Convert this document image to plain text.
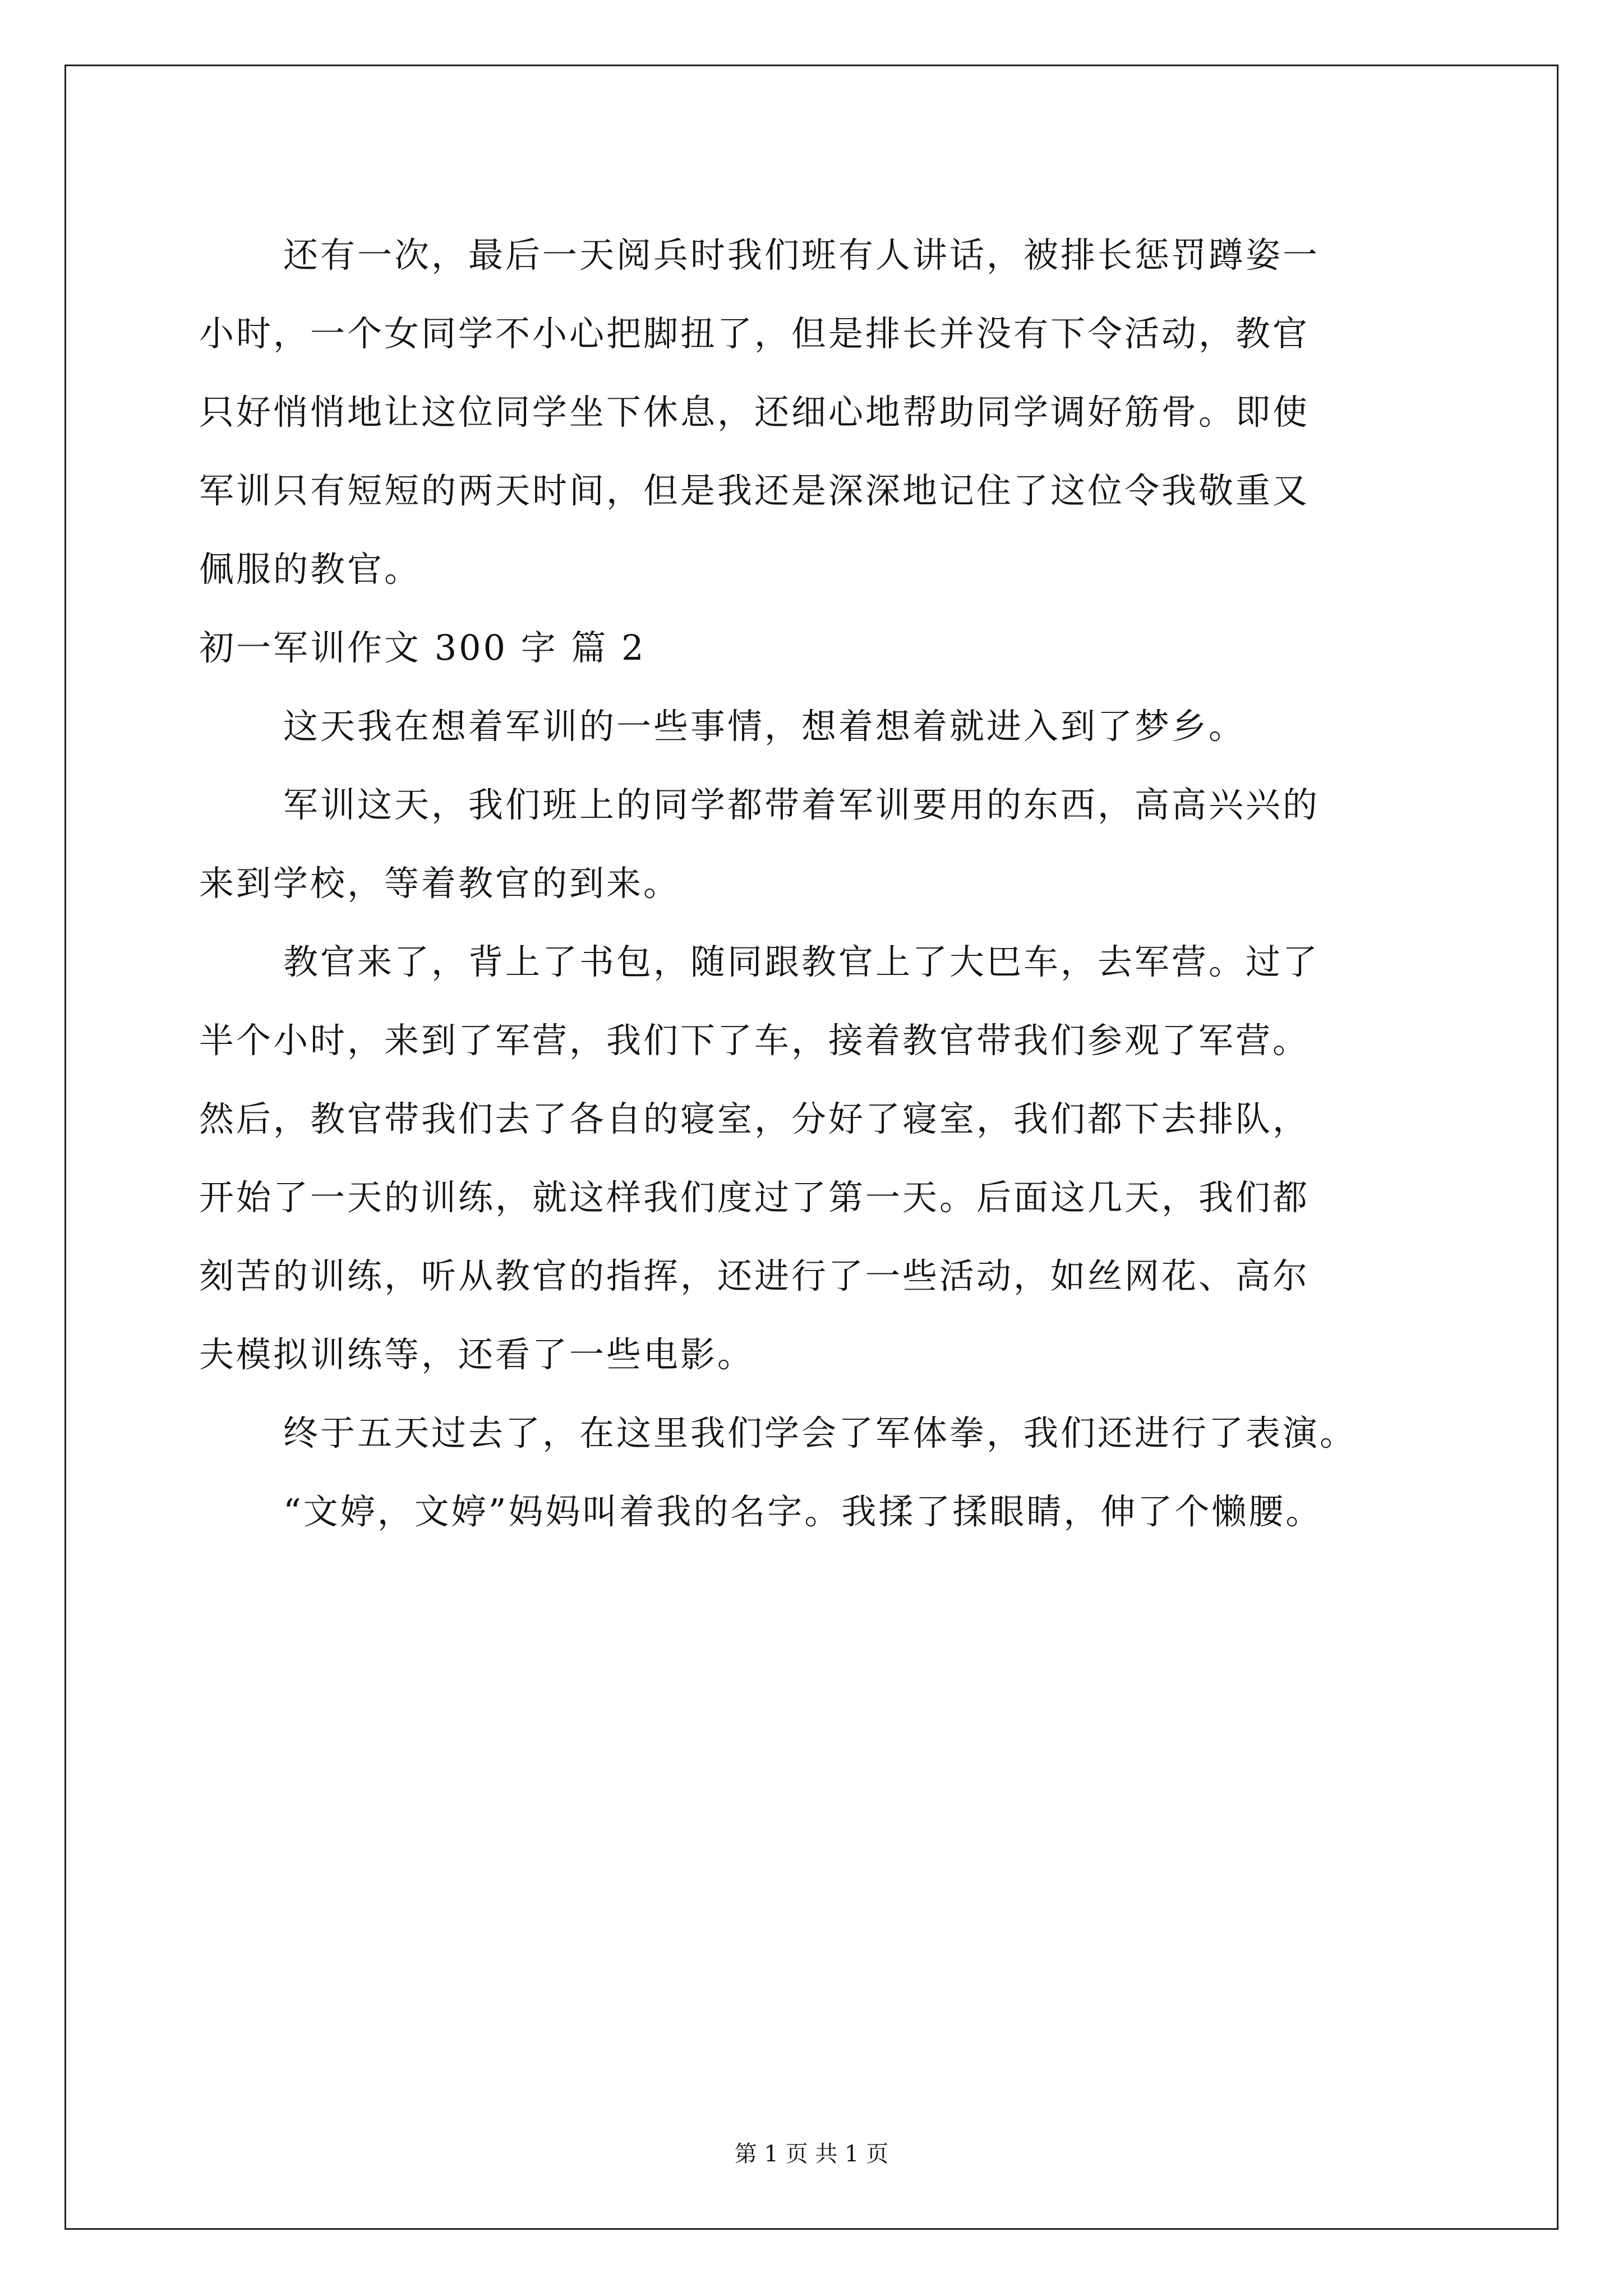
还有一次，最后一天阅兵时我们班有人讲话，被排长惩罚蹲姿一
小时，一个女同学不小心把脚扭了，但是排长并没有下令活动，教官
只好悄悄地让这位同学坐下休息，还细心地帮助同学调好筋骨。即使
军训只有短短的两天时间，但是我还是深深地记住了这位令我敬重又
佩服的教官。
初一军训作文 300 字 篇 2
这天我在想着军训的一些事情，想着想着就进入到了梦乡。
军训这天，我们班上的同学都带着军训要用的东西，高高兴兴的
来到学校，等着教官的到来。
教官来了，背上了书包，随同跟教官上了大巴车，去军营。过了
半个小时，来到了军营，我们下了车，接着教官带我们参观了军营。
然后，教官带我们去了各自的寝室，分好了寝室，我们都下去排队，
开始了一天的训练，就这样我们度过了第一天。后面这几天，我们都
刻苦的训练，听从教官的指挥，还进行了一些活动，如丝网花、高尔
夫模拟训练等，还看了一些电影。
终于五天过去了，在这里我们学会了军体拳，我们还进行了表演。
“文婷，文婷”妈妈叫着我的名字。我揉了揉眼睛，伸了个懒腰。
第 1 页 共 1 页
